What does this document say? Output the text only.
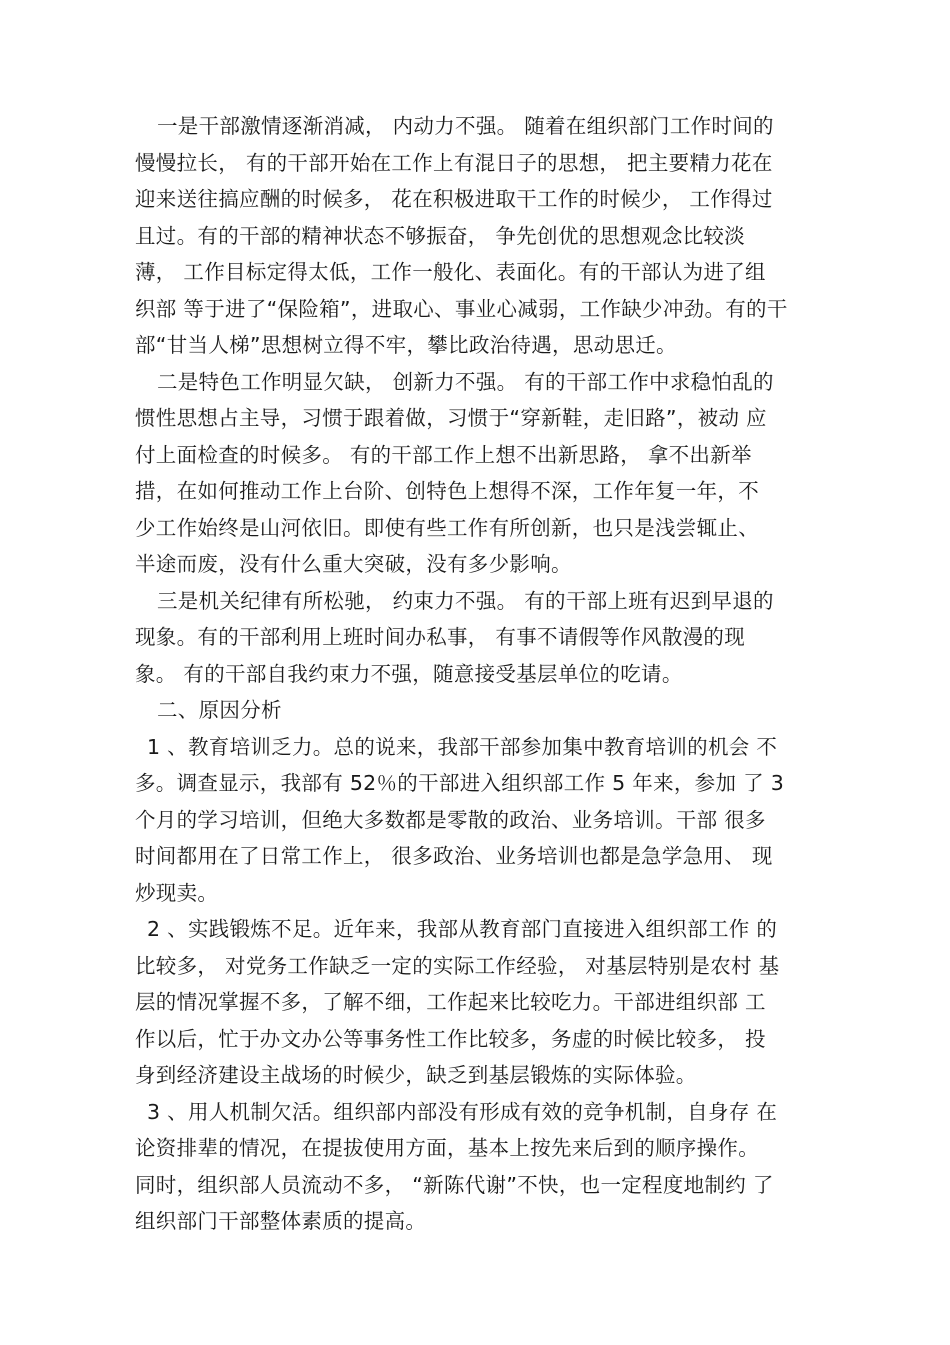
一是干部激情逐渐消减， 内动力不强。 随着在组织部门工作时间的
慢慢拉长， 有的干部开始在工作上有混日子的思想， 把主要精力花在
迎来送往搞应酬的时候多， 花在积极进取干工作的时候少， 工作得过
且过。有的干部的精神状态不够振奋， 争先创优的思想观念比较淡
薄， 工作目标定得太低，工作一般化、表面化。有的干部认为进了组
织部 等于进了“保险箱”，进取心、事业心减弱，工作缺少冲劲。有的干
部“甘当人梯”思想树立得不牢，攀比政治待遇，思动思迁。
二是特色工作明显欠缺， 创新力不强。 有的干部工作中求稳怕乱的
惯性思想占主导，习惯于跟着做，习惯于“穿新鞋，走旧路”，被动 应
付上面检查的时候多。 有的干部工作上想不出新思路， 拿不出新举
措，在如何推动工作上台阶、创特色上想得不深，工作年复一年，不
少工作始终是山河依旧。即使有些工作有所创新，也只是浅尝辄止、
半途而废，没有什么重大突破，没有多少影响。
三是机关纪律有所松驰， 约束力不强。 有的干部上班有迟到早退的
现象。有的干部利用上班时间办私事， 有事不请假等作风散漫的现
象。 有的干部自我约束力不强，随意接受基层单位的吃请。
二、原因分析
1 、教育培训乏力。总的说来，我部干部参加集中教育培训的机会 不
多。调查显示，我部有 52％的干部进入组织部工作 5 年来，参加 了 3
个月的学习培训，但绝大多数都是零散的政治、业务培训。干部 很多
时间都用在了日常工作上， 很多政治、业务培训也都是急学急用、 现
炒现卖。
2 、实践锻炼不足。近年来，我部从教育部门直接进入组织部工作 的
比较多， 对党务工作缺乏一定的实际工作经验， 对基层特别是农村 基
层的情况掌握不多，了解不细，工作起来比较吃力。干部进组织部 工
作以后，忙于办文办公等事务性工作比较多，务虚的时候比较多， 投
身到经济建设主战场的时候少，缺乏到基层锻炼的实际体验。
3 、用人机制欠活。组织部内部没有形成有效的竞争机制，自身存 在
论资排辈的情况，在提拔使用方面，基本上按先来后到的顺序操作。
同时，组织部人员流动不多， “新陈代谢”不快，也一定程度地制约 了
组织部门干部整体素质的提高。
